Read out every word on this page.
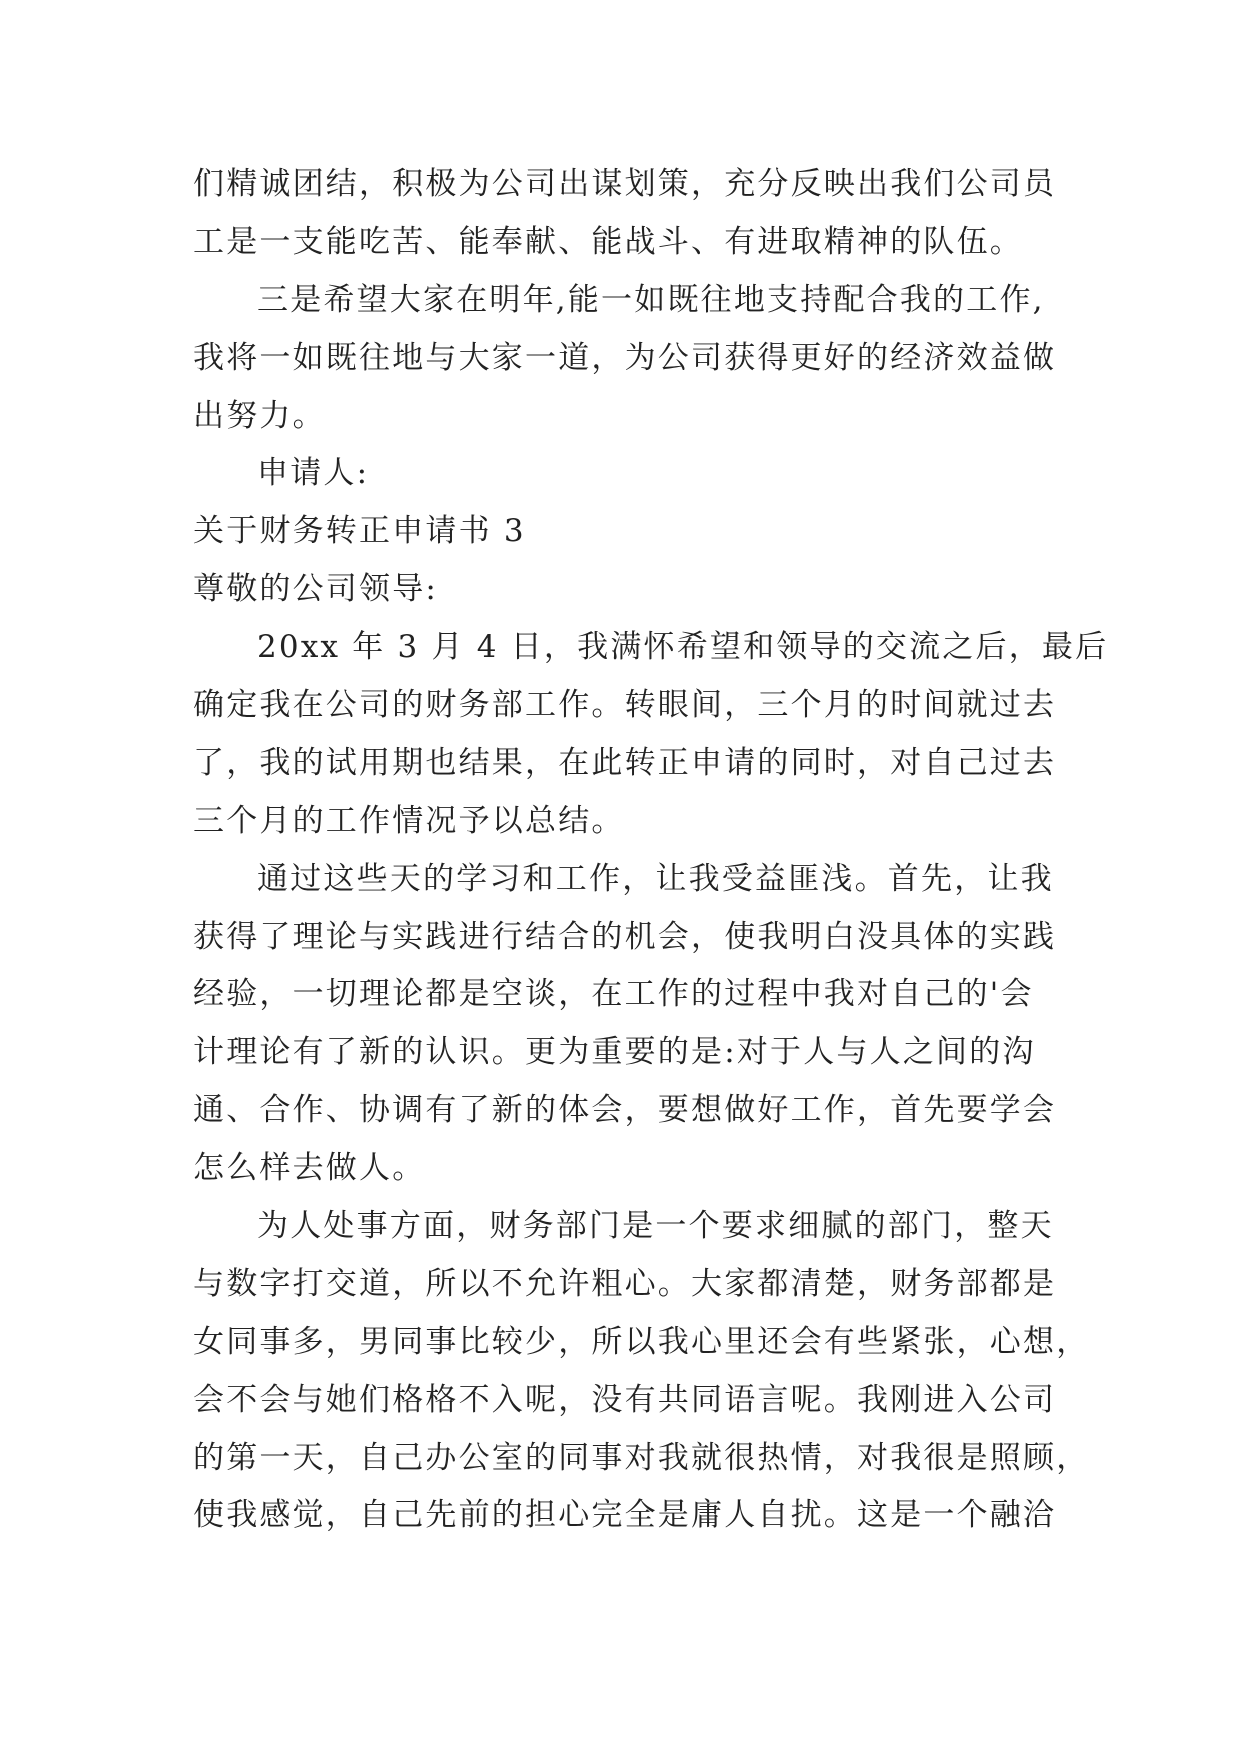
们精诚团结，积极为公司出谋划策，充分反映出我们公司员
工是一支能吃苦、能奉献、能战斗、有进取精神的队伍。
三是希望大家在明年,能一如既往地支持配合我的工作,
我将一如既往地与大家一道，为公司获得更好的经济效益做
出努力。
申请人:
关于财务转正申请书 3
尊敬的公司领导:
20xx 年 3 月 4 日，我满怀希望和领导的交流之后，最后
确定我在公司的财务部工作。转眼间，三个月的时间就过去
了，我的试用期也结果，在此转正申请的同时，对自己过去
三个月的工作情况予以总结。
通过这些天的学习和工作，让我受益匪浅。首先，让我
获得了理论与实践进行结合的机会，使我明白没具体的实践
经验，一切理论都是空谈，在工作的过程中我对自己的'会
计理论有了新的认识。更为重要的是:对于人与人之间的沟
通、合作、协调有了新的体会，要想做好工作，首先要学会
怎么样去做人。
为人处事方面，财务部门是一个要求细腻的部门，整天
与数字打交道，所以不允许粗心。大家都清楚，财务部都是
女同事多，男同事比较少，所以我心里还会有些紧张，心想，
会不会与她们格格不入呢，没有共同语言呢。我刚进入公司
的第一天，自己办公室的同事对我就很热情，对我很是照顾，
使我感觉，自己先前的担心完全是庸人自扰。这是一个融洽
